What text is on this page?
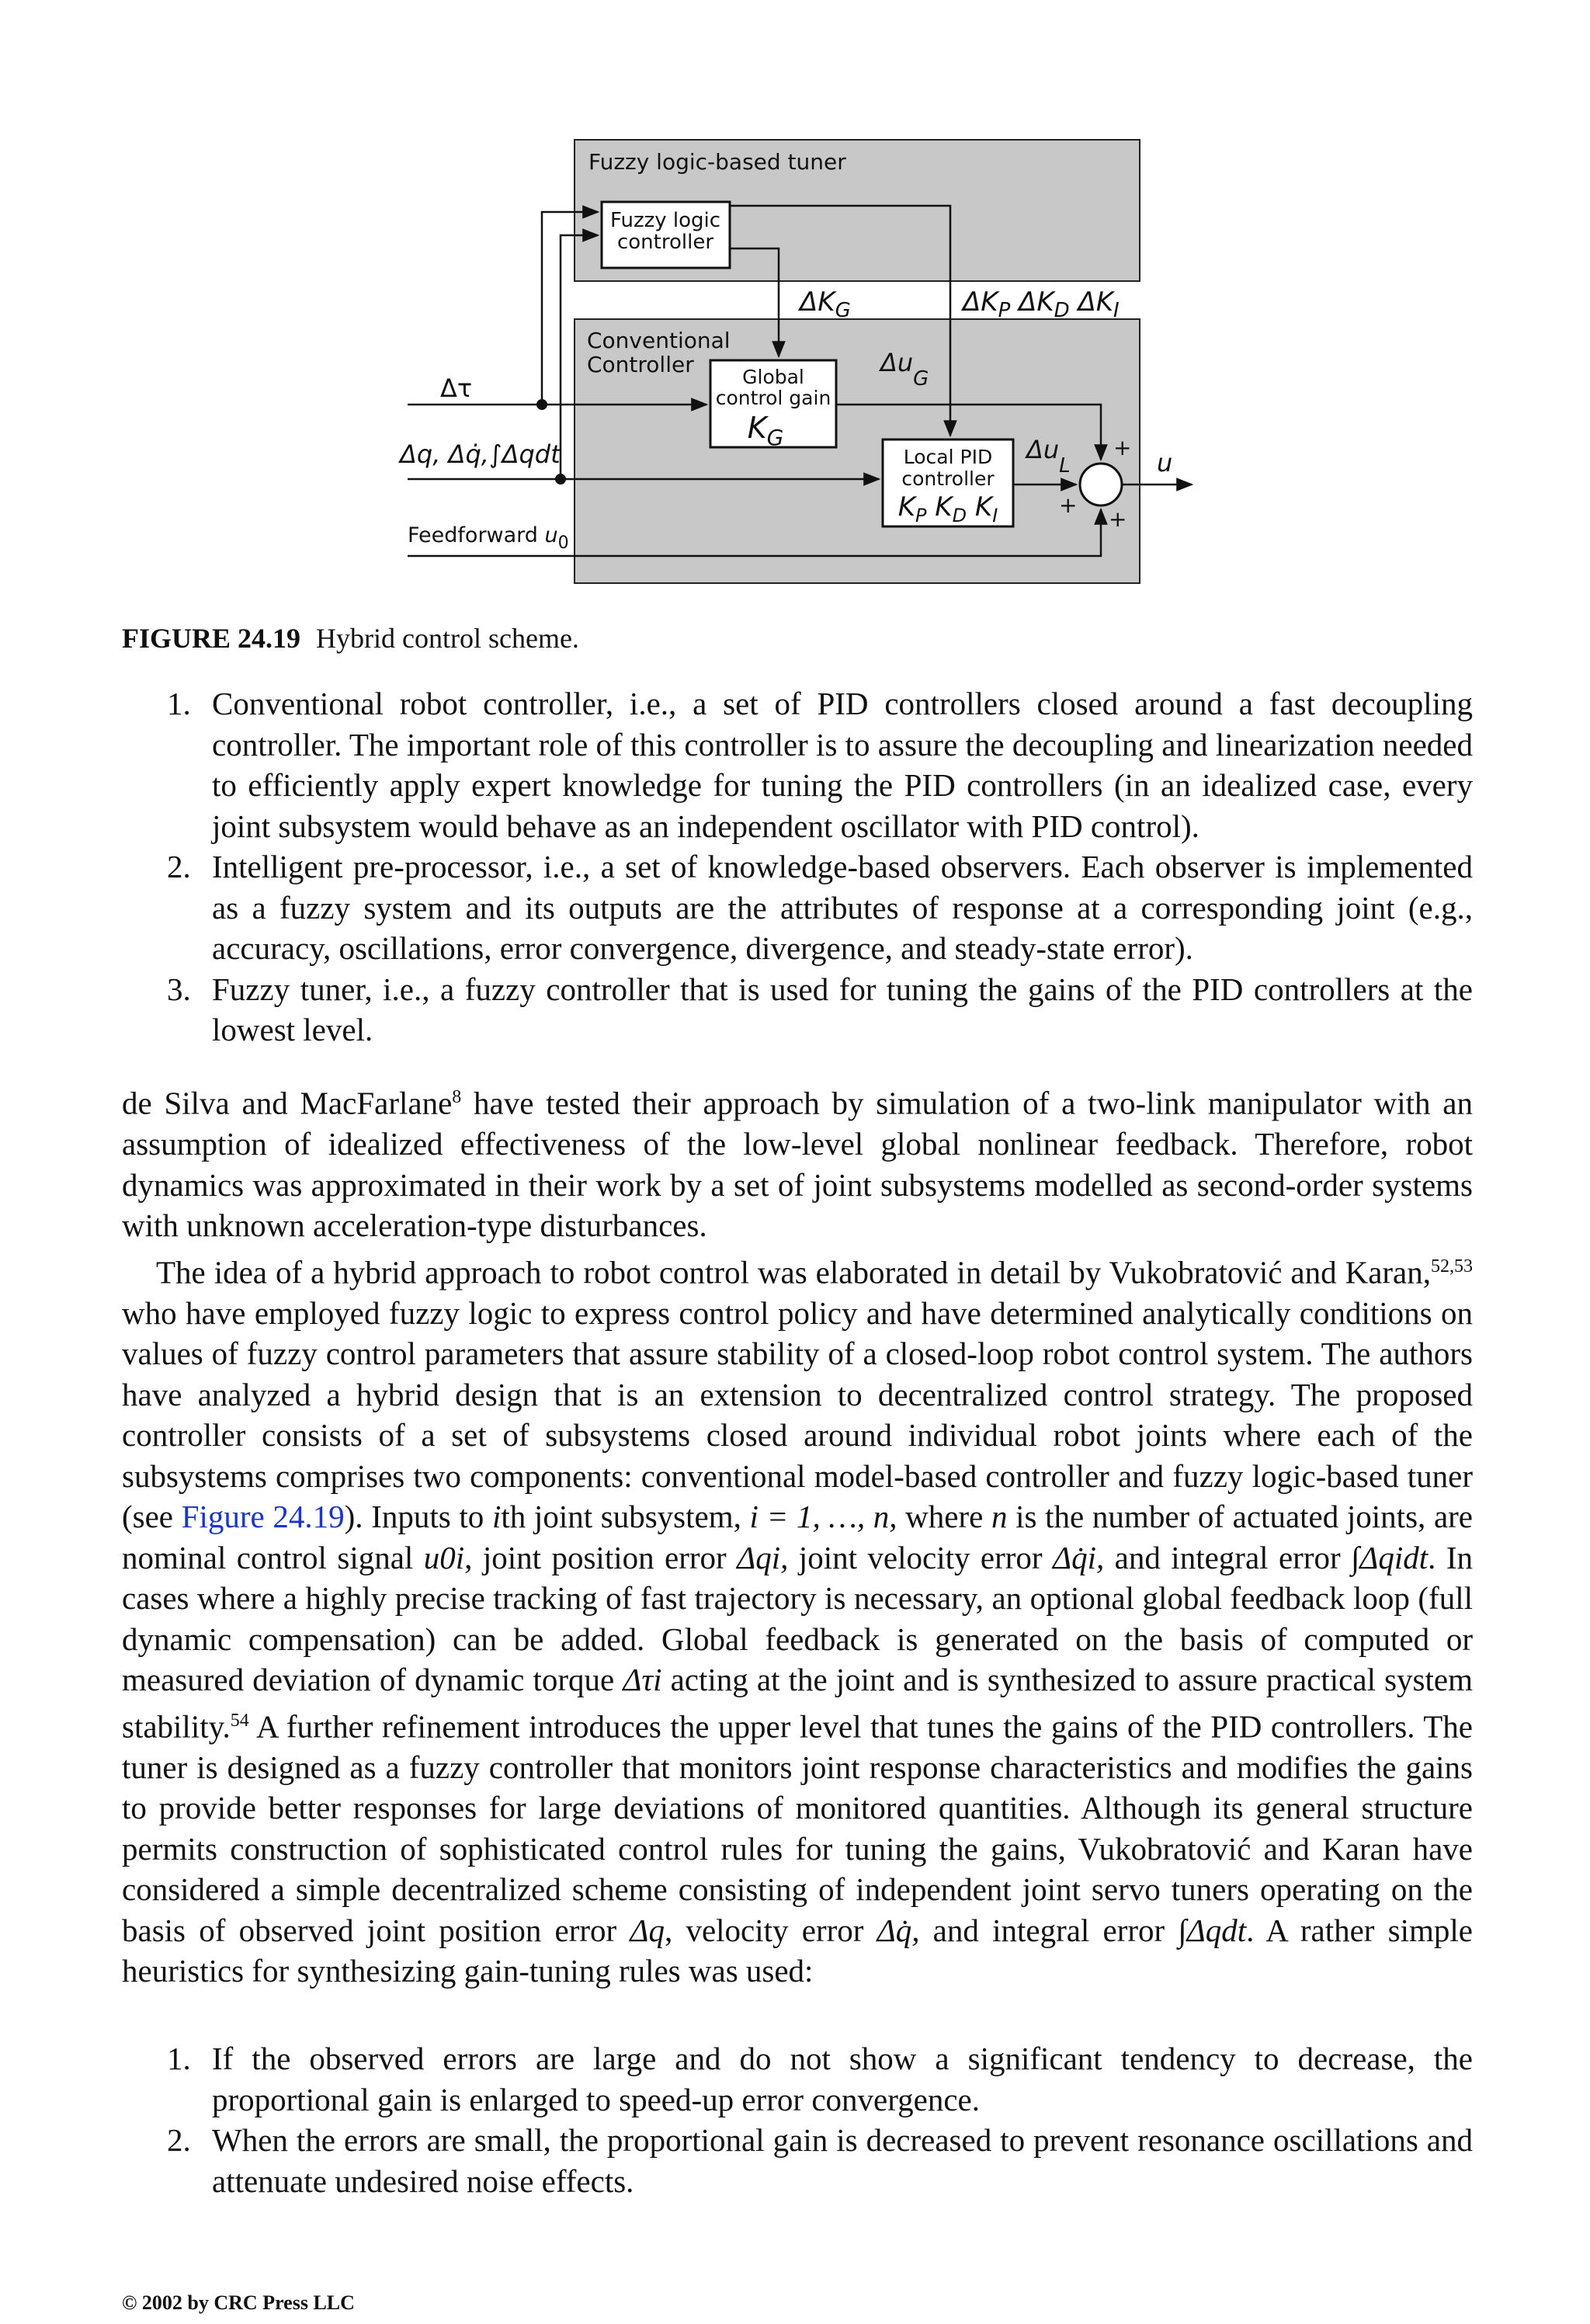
Fuzzy logic-based tuner
Conventional
Controller
Fuzzy logic
controller
Global
control gain
$K_G$
Local PID
controller
$K_P$ $K_D$ $K_I$
$\Delta K_G$	$\Delta K_P$ $\Delta K_D$ $\Delta K_I$
$\Delta u_G$
$\Delta u_L$
Δτ
Δq, Δq̇,∫Δqdt
Feedforward $u_0$
u
+
+
+
FIGURE 24.19 Hybrid control scheme.
1. Conventional robot controller, i.e., a set of PID controllers closed around a fast decoupling controller. The important role of this controller is to assure the decoupling and linearization needed to efficiently apply expert knowledge for tuning the PID controllers (in an idealized case, every joint subsystem would behave as an independent oscillator with PID control).
2. Intelligent pre-processor, i.e., a set of knowledge-based observers. Each observer is implemented as a fuzzy system and its outputs are the attributes of response at a corresponding joint (e.g., accuracy, oscillations, error convergence, divergence, and steady-state error).
3. Fuzzy tuner, i.e., a fuzzy controller that is used for tuning the gains of the PID controllers at the lowest level.

de Silva and MacFarlane$^8$ have tested their approach by simulation of a two-link manipulator with an assumption of idealized effectiveness of the low-level global nonlinear feedback. Therefore, robot dynamics was approximated in their work by a set of joint subsystems modelled as second-order systems with unknown acceleration-type disturbances.

The idea of a hybrid approach to robot control was elaborated in detail by Vukobratović and Karan,$^{52,53}$ who have employed fuzzy logic to express control policy and have determined analytically conditions on values of fuzzy control parameters that assure stability of a closed-loop robot control system. The authors have analyzed a hybrid design that is an extension to decentralized control strategy. The proposed controller consists of a set of subsystems closed around individual robot joints where each of the subsystems comprises two components: conventional model-based controller and fuzzy logic-based tuner (see Figure 24.19). Inputs to ith joint subsystem, i = 1, …, n, where n is the number of actuated joints, are nominal control signal u0i, joint position error Δqi, joint velocity error Δq̇i, and integral error ∫Δqidt. In cases where a highly precise tracking of fast trajectory is necessary, an optional global feedback loop (full dynamic compensation) can be added. Global feedback is generated on the basis of computed or measured deviation of dynamic torque Δτi acting at the joint and is synthesized to assure practical system stability.$^{54}$ A further refinement introduces the upper level that tunes the gains of the PID controllers. The tuner is designed as a fuzzy controller that monitors joint response characteristics and modifies the gains to provide better responses for large deviations of monitored quantities. Although its general structure permits construction of sophisticated control rules for tuning the gains, Vukobratović and Karan have considered a simple decentralized scheme consisting of independent joint servo tuners operating on the basis of observed joint position error Δq, velocity error Δq̇, and integral error ∫Δqdt. A rather simple heuristics for synthesizing gain-tuning rules was used:

1. If the observed errors are large and do not show a significant tendency to decrease, the proportional gain is enlarged to speed-up error convergence.
2. When the errors are small, the proportional gain is decreased to prevent resonance oscillations and attenuate undesired noise effects.
© 2002 by CRC Press LLC
